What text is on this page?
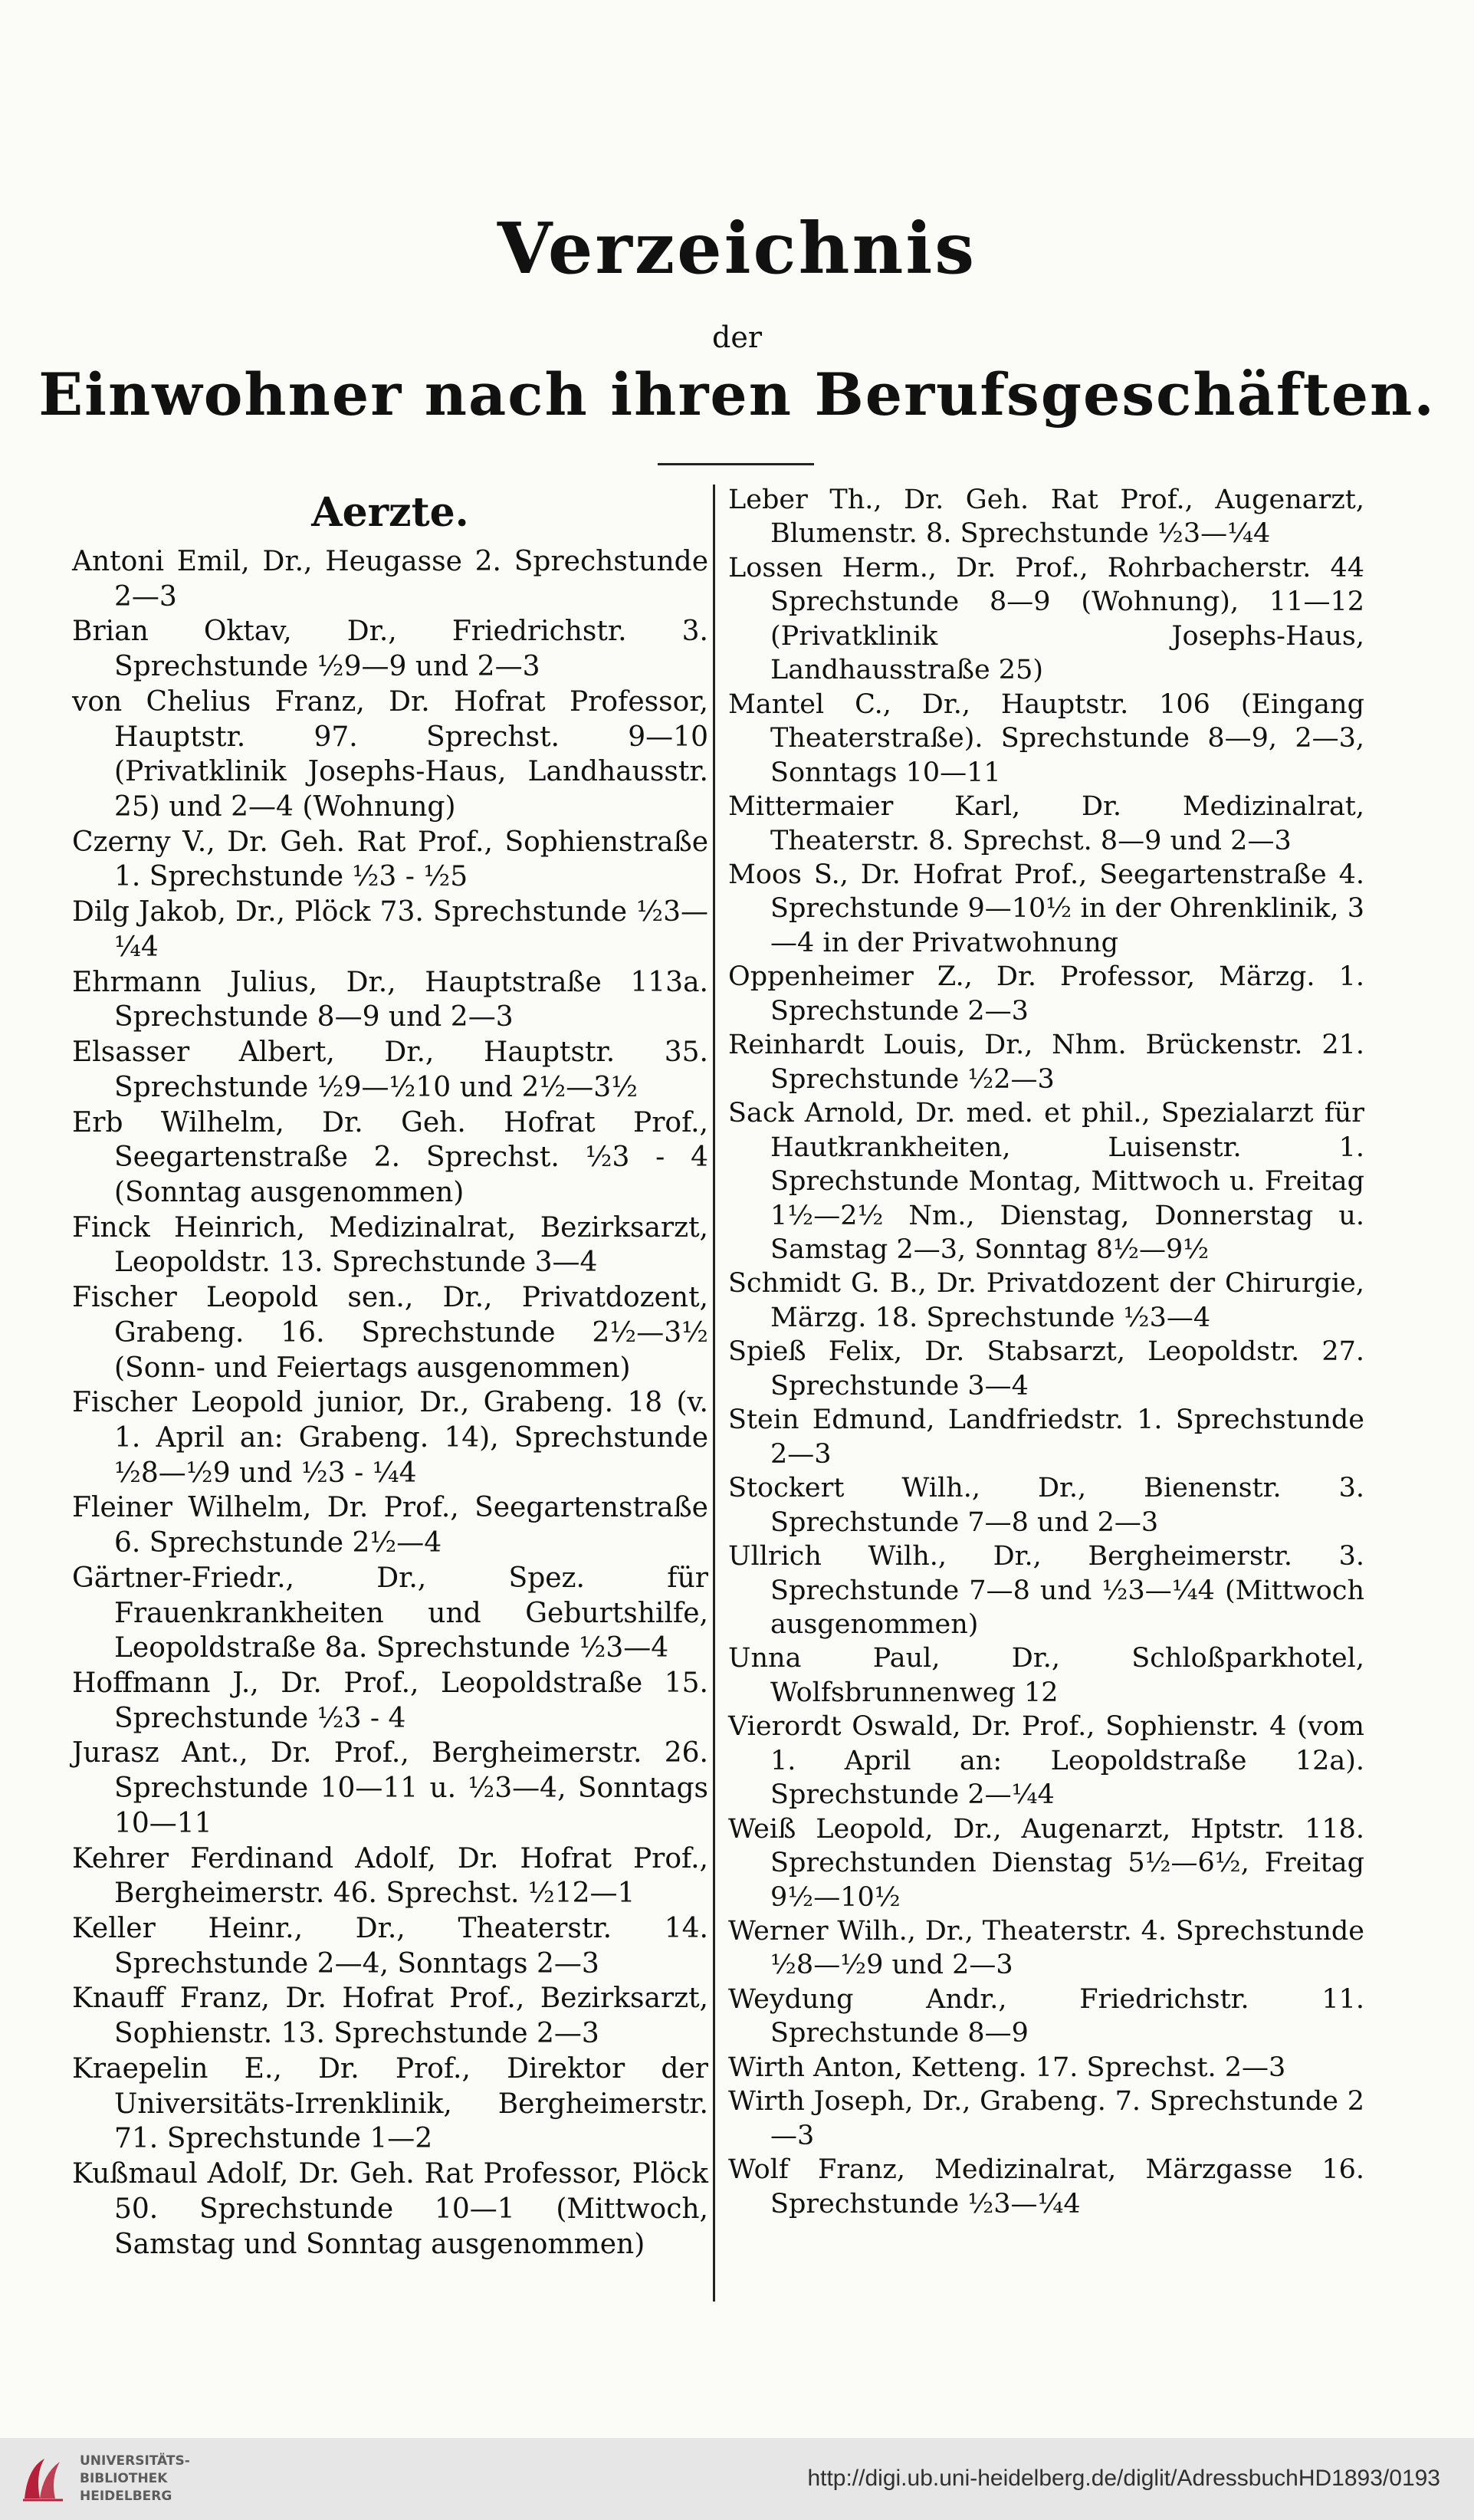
Verzeichnis
der
Einwohner nach ihren Berufsgeschäften.
Aerzte.

Antoni Emil, Dr., Heugasse 2. Sprechstunde 2—3

Brian Oktav, Dr., Friedrichstr. 3. Sprechstunde ½9—9 und 2—3

von Chelius Franz, Dr. Hofrat Professor, Hauptstr. 97. Sprechst. 9—10 (Privatklinik Josephs-Haus, Landhausstr. 25) und 2—4 (Wohnung)

Czerny V., Dr. Geh. Rat Prof., Sophienstraße 1. Sprechstunde ½3 - ½5

Dilg Jakob, Dr., Plöck 73. Sprechstunde ½3—¼4

Ehrmann Julius, Dr., Hauptstraße 113a. Sprechstunde 8—9 und 2—3

Elsasser Albert, Dr., Hauptstr. 35. Sprechstunde ½9—½10 und 2½—3½

Erb Wilhelm, Dr. Geh. Hofrat Prof., Seegartenstraße 2. Sprechst. ½3 - 4 (Sonntag ausgenommen)

Finck Heinrich, Medizinalrat, Bezirksarzt, Leopoldstr. 13. Sprechstunde 3—4

Fischer Leopold sen., Dr., Privatdozent, Grabeng. 16. Sprechstunde 2½—3½ (Sonn- und Feiertags ausgenommen)

Fischer Leopold junior, Dr., Grabeng. 18 (v. 1. April an: Grabeng. 14), Sprechstunde ½8—½9 und ½3 - ¼4

Fleiner Wilhelm, Dr. Prof., Seegartenstraße 6. Sprechstunde 2½—4

Gärtner-Friedr., Dr., Spez. für Frauenkrankheiten und Geburtshilfe, Leopoldstraße 8a. Sprechstunde ½3—4

Hoffmann J., Dr. Prof., Leopoldstraße 15. Sprechstunde ½3 - 4

Jurasz Ant., Dr. Prof., Bergheimerstr. 26. Sprechstunde 10—11 u. ½3—4, Sonntags 10—11

Kehrer Ferdinand Adolf, Dr. Hofrat Prof., Bergheimerstr. 46. Sprechst. ½12—1

Keller Heinr., Dr., Theaterstr. 14. Sprechstunde 2—4, Sonntags 2—3

Knauff Franz, Dr. Hofrat Prof., Bezirksarzt, Sophienstr. 13. Sprechstunde 2—3

Kraepelin E., Dr. Prof., Direktor der Universitäts-Irrenklinik, Bergheimerstr. 71. Sprechstunde 1—2

Kußmaul Adolf, Dr. Geh. Rat Professor, Plöck 50. Sprechstunde 10—1 (Mittwoch, Samstag und Sonntag ausgenommen)

Leber Th., Dr. Geh. Rat Prof., Augenarzt, Blumenstr. 8. Sprechstunde ½3—¼4

Lossen Herm., Dr. Prof., Rohrbacherstr. 44 Sprechstunde 8—9 (Wohnung), 11—12 (Privatklinik Josephs-Haus, Landhausstraße 25)

Mantel C., Dr., Hauptstr. 106 (Eingang Theaterstraße). Sprechstunde 8—9, 2—3, Sonntags 10—11

Mittermaier Karl, Dr. Medizinalrat, Theaterstr. 8. Sprechst. 8—9 und 2—3

Moos S., Dr. Hofrat Prof., Seegartenstraße 4. Sprechstunde 9—10½ in der Ohrenklinik, 3—4 in der Privatwohnung

Oppenheimer Z., Dr. Professor, Märzg. 1. Sprechstunde 2—3

Reinhardt Louis, Dr., Nhm. Brückenstr. 21. Sprechstunde ½2—3

Sack Arnold, Dr. med. et phil., Spezialarzt für Hautkrankheiten, Luisenstr. 1. Sprechstunde Montag, Mittwoch u. Freitag 1½—2½ Nm., Dienstag, Donnerstag u. Samstag 2—3, Sonntag 8½—9½

Schmidt G. B., Dr. Privatdozent der Chirurgie, Märzg. 18. Sprechstunde ½3—4

Spieß Felix, Dr. Stabsarzt, Leopoldstr. 27. Sprechstunde 3—4

Stein Edmund, Landfriedstr. 1. Sprechstunde 2—3

Stockert Wilh., Dr., Bienenstr. 3. Sprechstunde 7—8 und 2—3

Ullrich Wilh., Dr., Bergheimerstr. 3. Sprechstunde 7—8 und ½3—¼4 (Mittwoch ausgenommen)

Unna Paul, Dr., Schloßparkhotel, Wolfsbrunnenweg 12

Vierordt Oswald, Dr. Prof., Sophienstr. 4 (vom 1. April an: Leopoldstraße 12a). Sprechstunde 2—¼4

Weiß Leopold, Dr., Augenarzt, Hptstr. 118. Sprechstunden Dienstag 5½—6½, Freitag 9½—10½

Werner Wilh., Dr., Theaterstr. 4. Sprechstunde ½8—½9 und 2—3

Weydung Andr., Friedrichstr. 11. Sprechstunde 8—9

Wirth Anton, Ketteng. 17. Sprechst. 2—3

Wirth Joseph, Dr., Grabeng. 7. Sprechstunde 2—3

Wolf Franz, Medizinalrat, Märzgasse 16. Sprechstunde ½3—¼4

UNIVERSITÄTS-
BIBLIOTHEK
HEIDELBERG
http://digi.ub.uni-heidelberg.de/diglit/AdressbuchHD1893/0193
